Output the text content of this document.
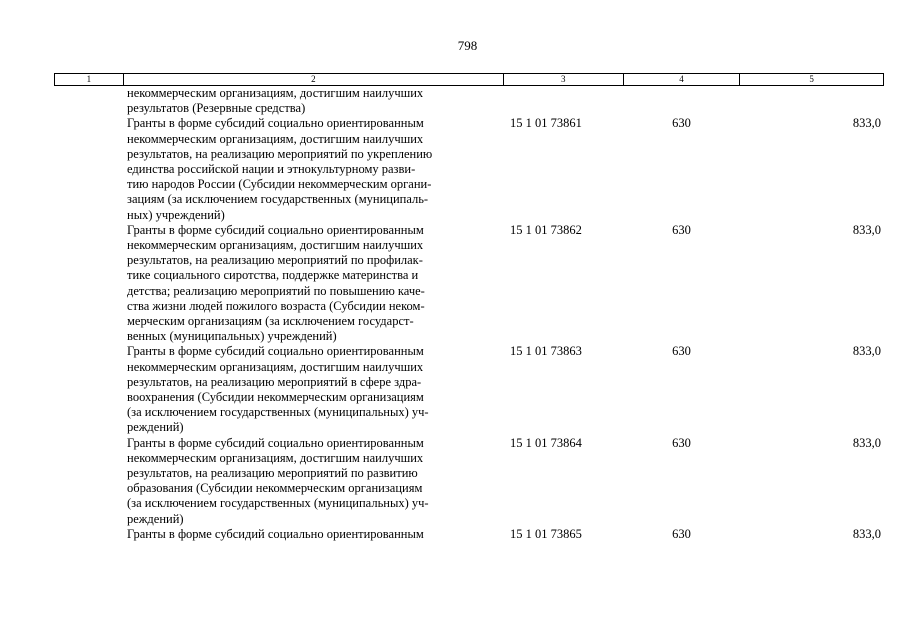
798
1	2	3	4	5
некоммерческим организациям, достигшим наилучших
результатов (Резервные средства)
Гранты в форме субсидий социально ориентированным
некоммерческим организациям, достигшим наилучших
результатов, на реализацию мероприятий по укреплению
единства российской нации и этнокультурному разви-
тию народов России (Субсидии некоммерческим органи-
зациям (за исключением государственных (муниципаль-
ных) учреждений)
15 1 01 73861	630	833,0
Гранты в форме субсидий социально ориентированным
некоммерческим организациям, достигшим наилучших
результатов, на реализацию мероприятий по профилак-
тике социального сиротства, поддержке материнства и
детства; реализацию мероприятий по повышению каче-
ства жизни людей пожилого возраста (Субсидии неком-
мерческим организациям (за исключением государст-
венных (муниципальных) учреждений)
15 1 01 73862	630	833,0
Гранты в форме субсидий социально ориентированным
некоммерческим организациям, достигшим наилучших
результатов, на реализацию мероприятий в сфере здра-
воохранения (Субсидии некоммерческим организациям
(за исключением государственных (муниципальных) уч-
реждений)
15 1 01 73863	630	833,0
Гранты в форме субсидий социально ориентированным
некоммерческим организациям, достигшим наилучших
результатов, на реализацию мероприятий по развитию
образования (Субсидии некоммерческим организациям
(за исключением государственных (муниципальных) уч-
реждений)
15 1 01 73864	630	833,0
Гранты в форме субсидий социально ориентированным	15 1 01 73865	630	833,0
